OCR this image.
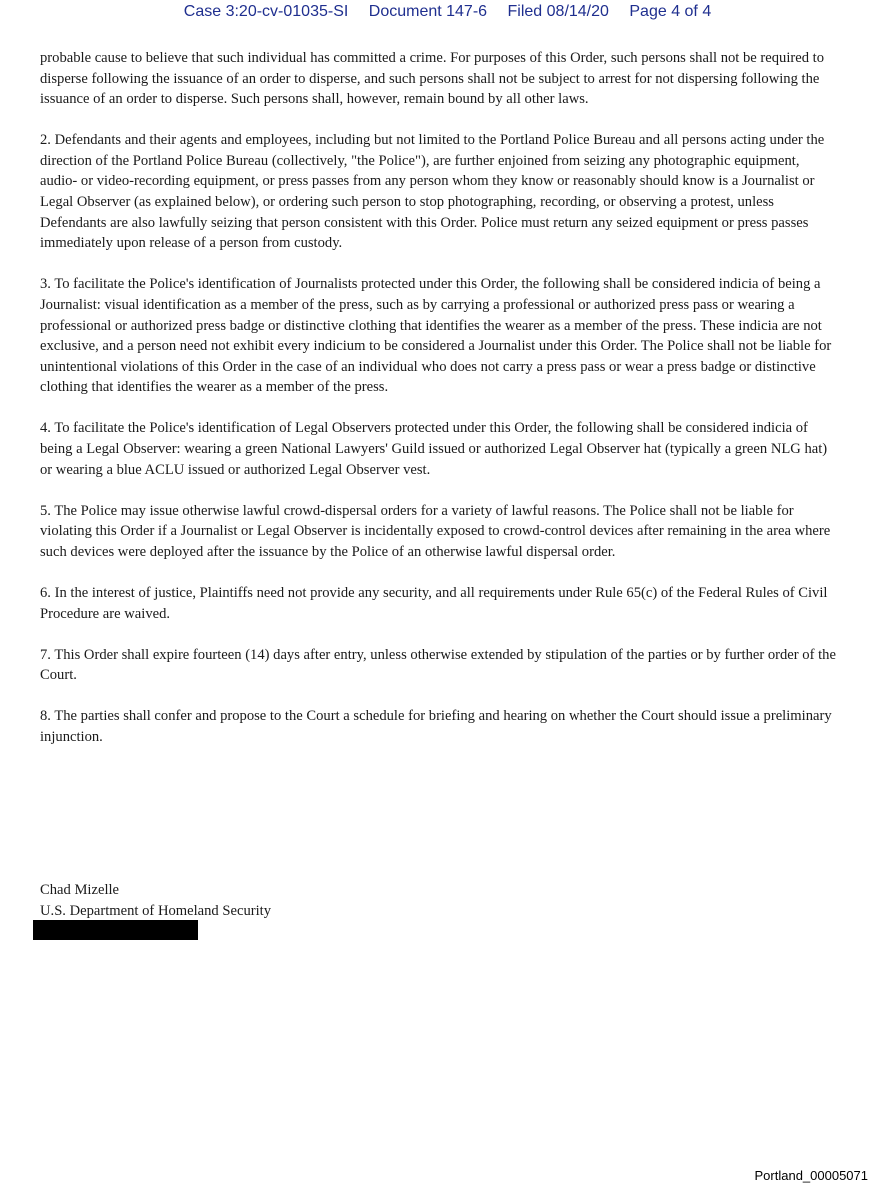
Case 3:20-cv-01035-SI Document 147-6 Filed 08/14/20 Page 4 of 4

probable cause to believe that such individual has committed a crime. For purposes of this Order, such persons shall not be required to disperse following the issuance of an order to disperse, and such persons shall not be subject to arrest for not dispersing following the issuance of an order to disperse. Such persons shall, however, remain bound by all other laws.

2. Defendants and their agents and employees, including but not limited to the Portland Police Bureau and all persons acting under the direction of the Portland Police Bureau (collectively, "the Police"), are further enjoined from seizing any photographic equipment, audio- or video-recording equipment, or press passes from any person whom they know or reasonably should know is a Journalist or Legal Observer (as explained below), or ordering such person to stop photographing, recording, or observing a protest, unless Defendants are also lawfully seizing that person consistent with this Order. Police must return any seized equipment or press passes immediately upon release of a person from custody.

3. To facilitate the Police's identification of Journalists protected under this Order, the following shall be considered indicia of being a Journalist: visual identification as a member of the press, such as by carrying a professional or authorized press pass or wearing a professional or authorized press badge or distinctive clothing that identifies the wearer as a member of the press. These indicia are not exclusive, and a person need not exhibit every indicium to be considered a Journalist under this Order. The Police shall not be liable for unintentional violations of this Order in the case of an individual who does not carry a press pass or wear a press badge or distinctive clothing that identifies the wearer as a member of the press.

4. To facilitate the Police's identification of Legal Observers protected under this Order, the following shall be considered indicia of being a Legal Observer: wearing a green National Lawyers' Guild issued or authorized Legal Observer hat (typically a green NLG hat) or wearing a blue ACLU issued or authorized Legal Observer vest.

5. The Police may issue otherwise lawful crowd-dispersal orders for a variety of lawful reasons. The Police shall not be liable for violating this Order if a Journalist or Legal Observer is incidentally exposed to crowd-control devices after remaining in the area where such devices were deployed after the issuance by the Police of an otherwise lawful dispersal order.

6. In the interest of justice, Plaintiffs need not provide any security, and all requirements under Rule 65(c) of the Federal Rules of Civil Procedure are waived.

7. This Order shall expire fourteen (14) days after entry, unless otherwise extended by stipulation of the parties or by further order of the Court.

8. The parties shall confer and propose to the Court a schedule for briefing and hearing on whether the Court should issue a preliminary injunction.

Chad Mizelle
U.S. Department of Homeland Security
Portland_00005071
